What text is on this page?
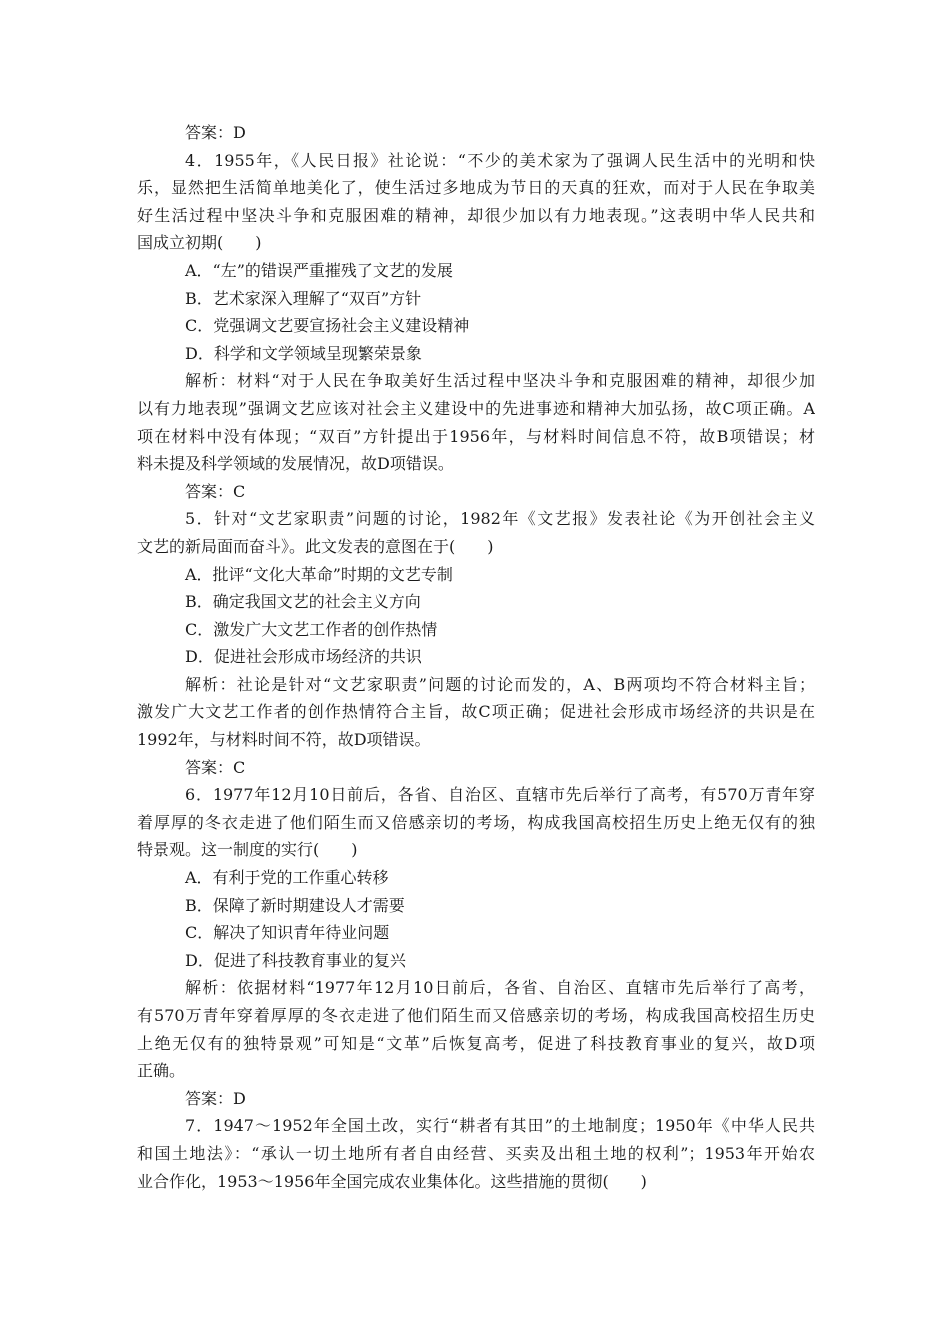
答案：D
4．1955年，《人民日报》社论说：“不少的美术家为了强调人民生活中的光明和快
乐，显然把生活简单地美化了，使生活过多地成为节日的天真的狂欢，而对于人民在争取美
好生活过程中坚决斗争和克服困难的精神，却很少加以有力地表现。”这表明中华人民共和
国成立初期(　　)
A．“左”的错误严重摧残了文艺的发展
B．艺术家深入理解了“双百”方针
C．党强调文艺要宣扬社会主义建设精神
D．科学和文学领域呈现繁荣景象
解析：材料“对于人民在争取美好生活过程中坚决斗争和克服困难的精神，却很少加
以有力地表现”强调文艺应该对社会主义建设中的先进事迹和精神大加弘扬，故C项正确。A
项在材料中没有体现；“双百”方针提出于1956年，与材料时间信息不符，故B项错误；材
料未提及科学领域的发展情况，故D项错误。
答案：C
5．针对“文艺家职责”问题的讨论，1982年《文艺报》发表社论《为开创社会主义
文艺的新局面而奋斗》。此文发表的意图在于(　　)
A．批评“文化大革命”时期的文艺专制
B．确定我国文艺的社会主义方向
C．激发广大文艺工作者的创作热情
D．促进社会形成市场经济的共识
解析：社论是针对“文艺家职责”问题的讨论而发的，A、B两项均不符合材料主旨；
激发广大文艺工作者的创作热情符合主旨，故C项正确；促进社会形成市场经济的共识是在
1992年，与材料时间不符，故D项错误。
答案：C
6．1977年12月10日前后，各省、自治区、直辖市先后举行了高考，有570万青年穿
着厚厚的冬衣走进了他们陌生而又倍感亲切的考场，构成我国高校招生历史上绝无仅有的独
特景观。这一制度的实行(　　)
A．有利于党的工作重心转移
B．保障了新时期建设人才需要
C．解决了知识青年待业问题
D．促进了科技教育事业的复兴
解析：依据材料“1977年12月10日前后，各省、自治区、直辖市先后举行了高考，
有570万青年穿着厚厚的冬衣走进了他们陌生而又倍感亲切的考场，构成我国高校招生历史
上绝无仅有的独特景观”可知是“文革”后恢复高考，促进了科技教育事业的复兴，故D项
正确。
答案：D
7．1947～1952年全国土改，实行“耕者有其田”的土地制度；1950年《中华人民共
和国土地法》：“承认一切土地所有者自由经营、买卖及出租土地的权利”；1953年开始农
业合作化，1953～1956年全国完成农业集体化。这些措施的贯彻(　　)
